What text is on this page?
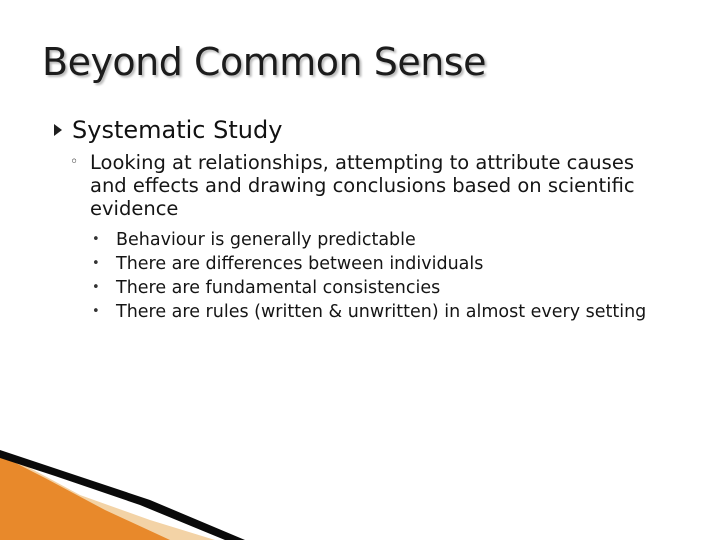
Beyond Common Sense
Systematic Study
◦ Looking at relationships, attempting to attribute causes and effects and drawing conclusions based on scientific evidence
• Behaviour is generally predictable
• There are differences between individuals
• There are fundamental consistencies
• There are rules (written & unwritten) in almost every setting
